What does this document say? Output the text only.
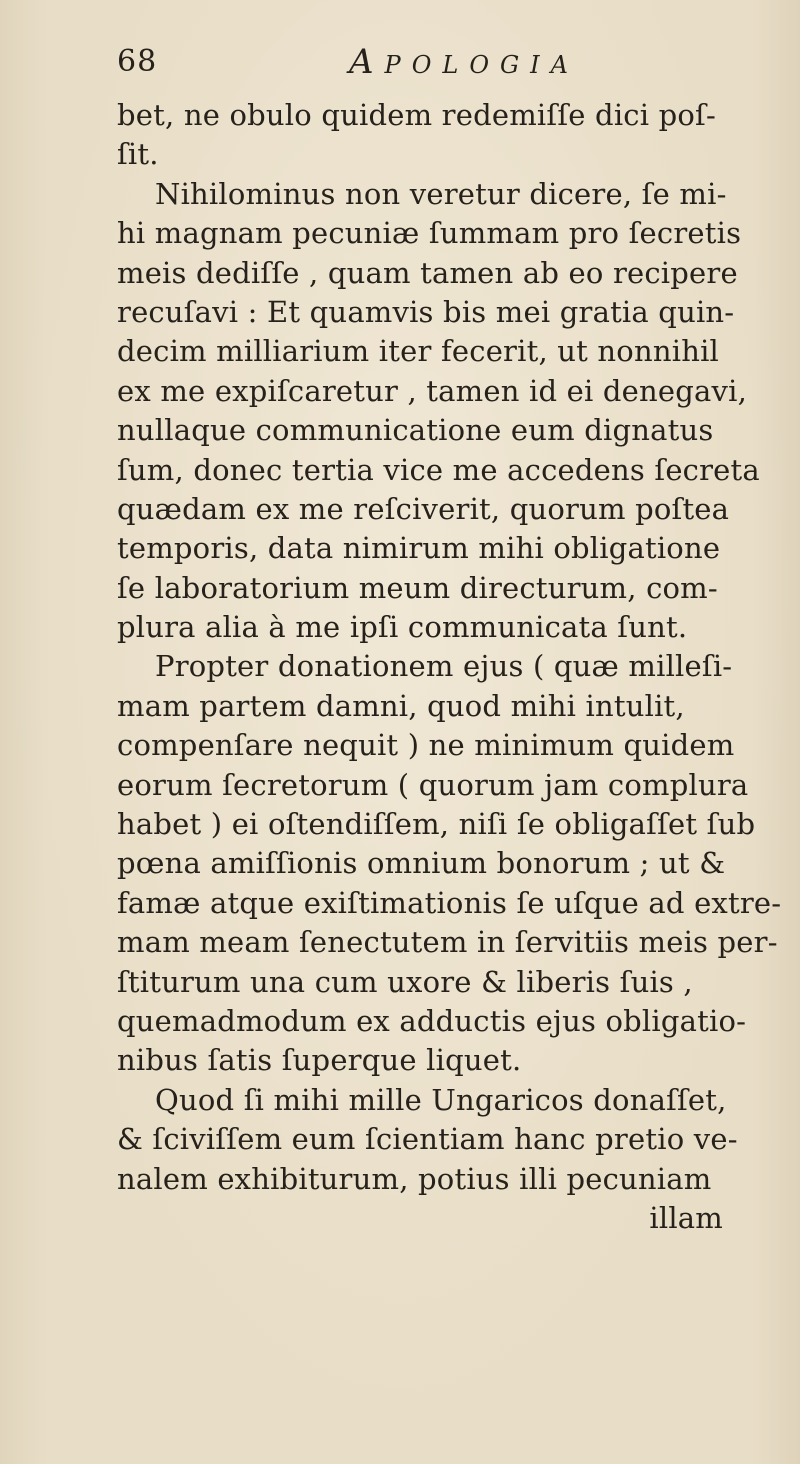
68	Apologia
bet, ne obulo quidem redemiſſe dici poſ-
ſit.
Nihilominus non veretur dicere, ſe mi-
hi magnam pecuniæ ſummam pro ſecretis
meis dediſſe , quam tamen ab eo recipere
recuſavi : Et quamvis bis mei gratia quin-
decim millіarium iter fecerit, ut nonnihil
ex me expiſcaretur , tamen id ei denegavi,
nullaque communicatione eum dignatus
ſum, donec tertia vice me accedens ſecreta
quædam ex me reſciverit, quorum poſtea
temporis, data nimirum mihi obligatione
ſe laboratorium meum directurum, com-
plura alia à me ipſi communicata ſunt.
Propter donationem ejus ( quæ milleſi-
mam partem damni, quod mihi intulit,
compenſare nequit ) ne minimum quidem
eorum ſecretorum ( quorum jam complura
habet ) ei oſtendiſſem, niſi ſe obligaſſet ſub
pœna amiſſionis omnium bonorum ; ut &
famæ atque exiſtimationis ſe uſque ad extre-
mam meam ſenectutem in ſervitiis meis per-
ſtiturum una cum uxore & liberis ſuis ,
quemadmodum ex adductis ejus obligatio-
nibus ſatis ſuperque liquet.
Quod ſi mihi mille Ungaricos donaſſet,
& ſciviſſem eum ſcientiam hanc pretio ve-
nalem exhibiturum, potius illi pecuniam
illam
